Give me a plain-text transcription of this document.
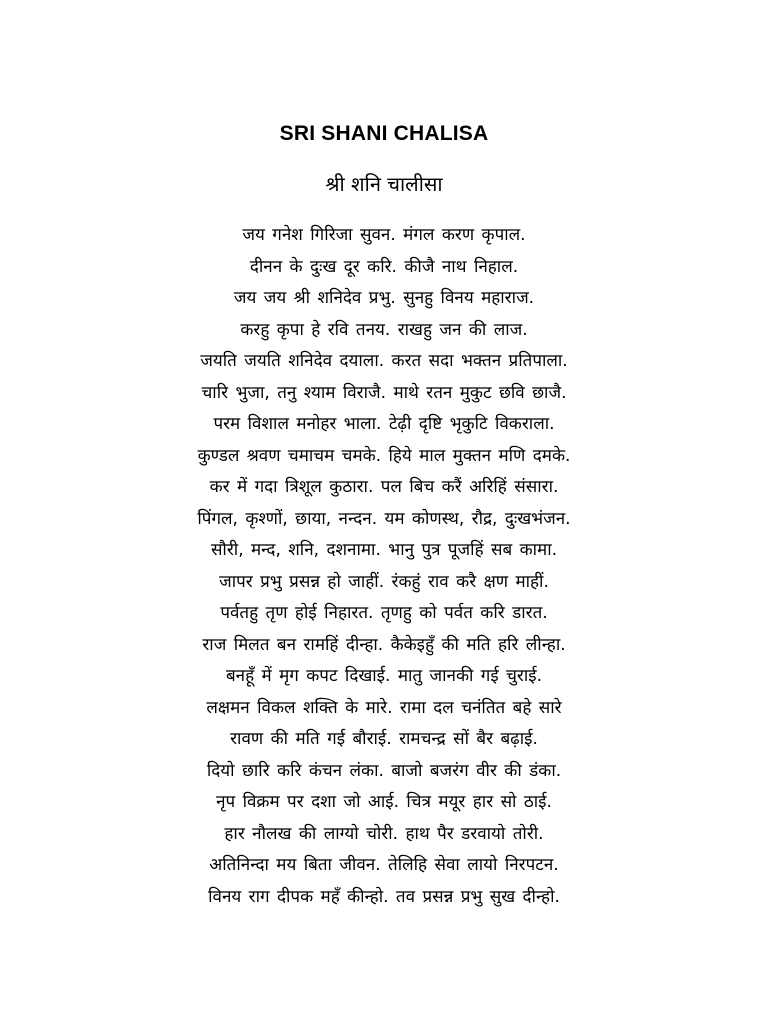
SRI SHANI CHALISA
श्री शनि चालीसा
जय गनेश गिरिजा सुवन. मंगल करण कृपाल.
दीनन के दुःख दूर करि. कीजै नाथ निहाल.
जय जय श्री शनिदेव प्रभु. सुनहु विनय महाराज.
करहु कृपा हे रवि तनय. राखहु जन की लाज.
जयति जयति शनिदेव दयाला. करत सदा भक्तन प्रतिपाला.
चारि भुजा, तनु श्याम विराजै. माथे रतन मुकुट छवि छाजै.
परम विशाल मनोहर भाला. टेढ़ी दृष्टि भृकुटि विकराला.
कुण्डल श्रवण चमाचम चमके. हिये माल मुक्तन मणि दमके.
कर में गदा त्रिशूल कुठारा. पल बिच करैं अरिहिं संसारा.
पिंगल, कृश्णों, छाया, नन्दन. यम कोणस्थ, रौद्र, दुःखभंजन.
सौरी, मन्द, शनि, दशनामा. भानु पुत्र पूजहिं सब कामा.
जापर प्रभु प्रसन्न हो जाहीं. रंकहुं राव करै क्षण माहीं.
पर्वतहु तृण होई निहारत. तृणहु को पर्वत करि डारत.
राज मिलत बन रामहिं दीन्हा. कैकेइहुँ की मति हरि लीन्हा.
बनहूँ में मृग कपट दिखाई. मातु जानकी गई चुराई.
लक्षमन विकल शक्ति के मारे. रामा दल चनंतित बहे सारे
रावण की मति गई बौराई. रामचन्द्र सों बैर बढ़ाई.
दियो छारि करि कंचन लंका. बाजो बजरंग वीर की डंका.
नृप विक्रम पर दशा जो आई. चित्र मयूर हार सो ठाई.
हार नौलख की लाग्यो चोरी. हाथ पैर डरवायो तोरी.
अतिनिन्दा मय बिता जीवन. तेलिहि सेवा लायो निरपटन.
विनय राग दीपक महँ कीन्हो. तव प्रसन्न प्रभु सुख दीन्हो.
